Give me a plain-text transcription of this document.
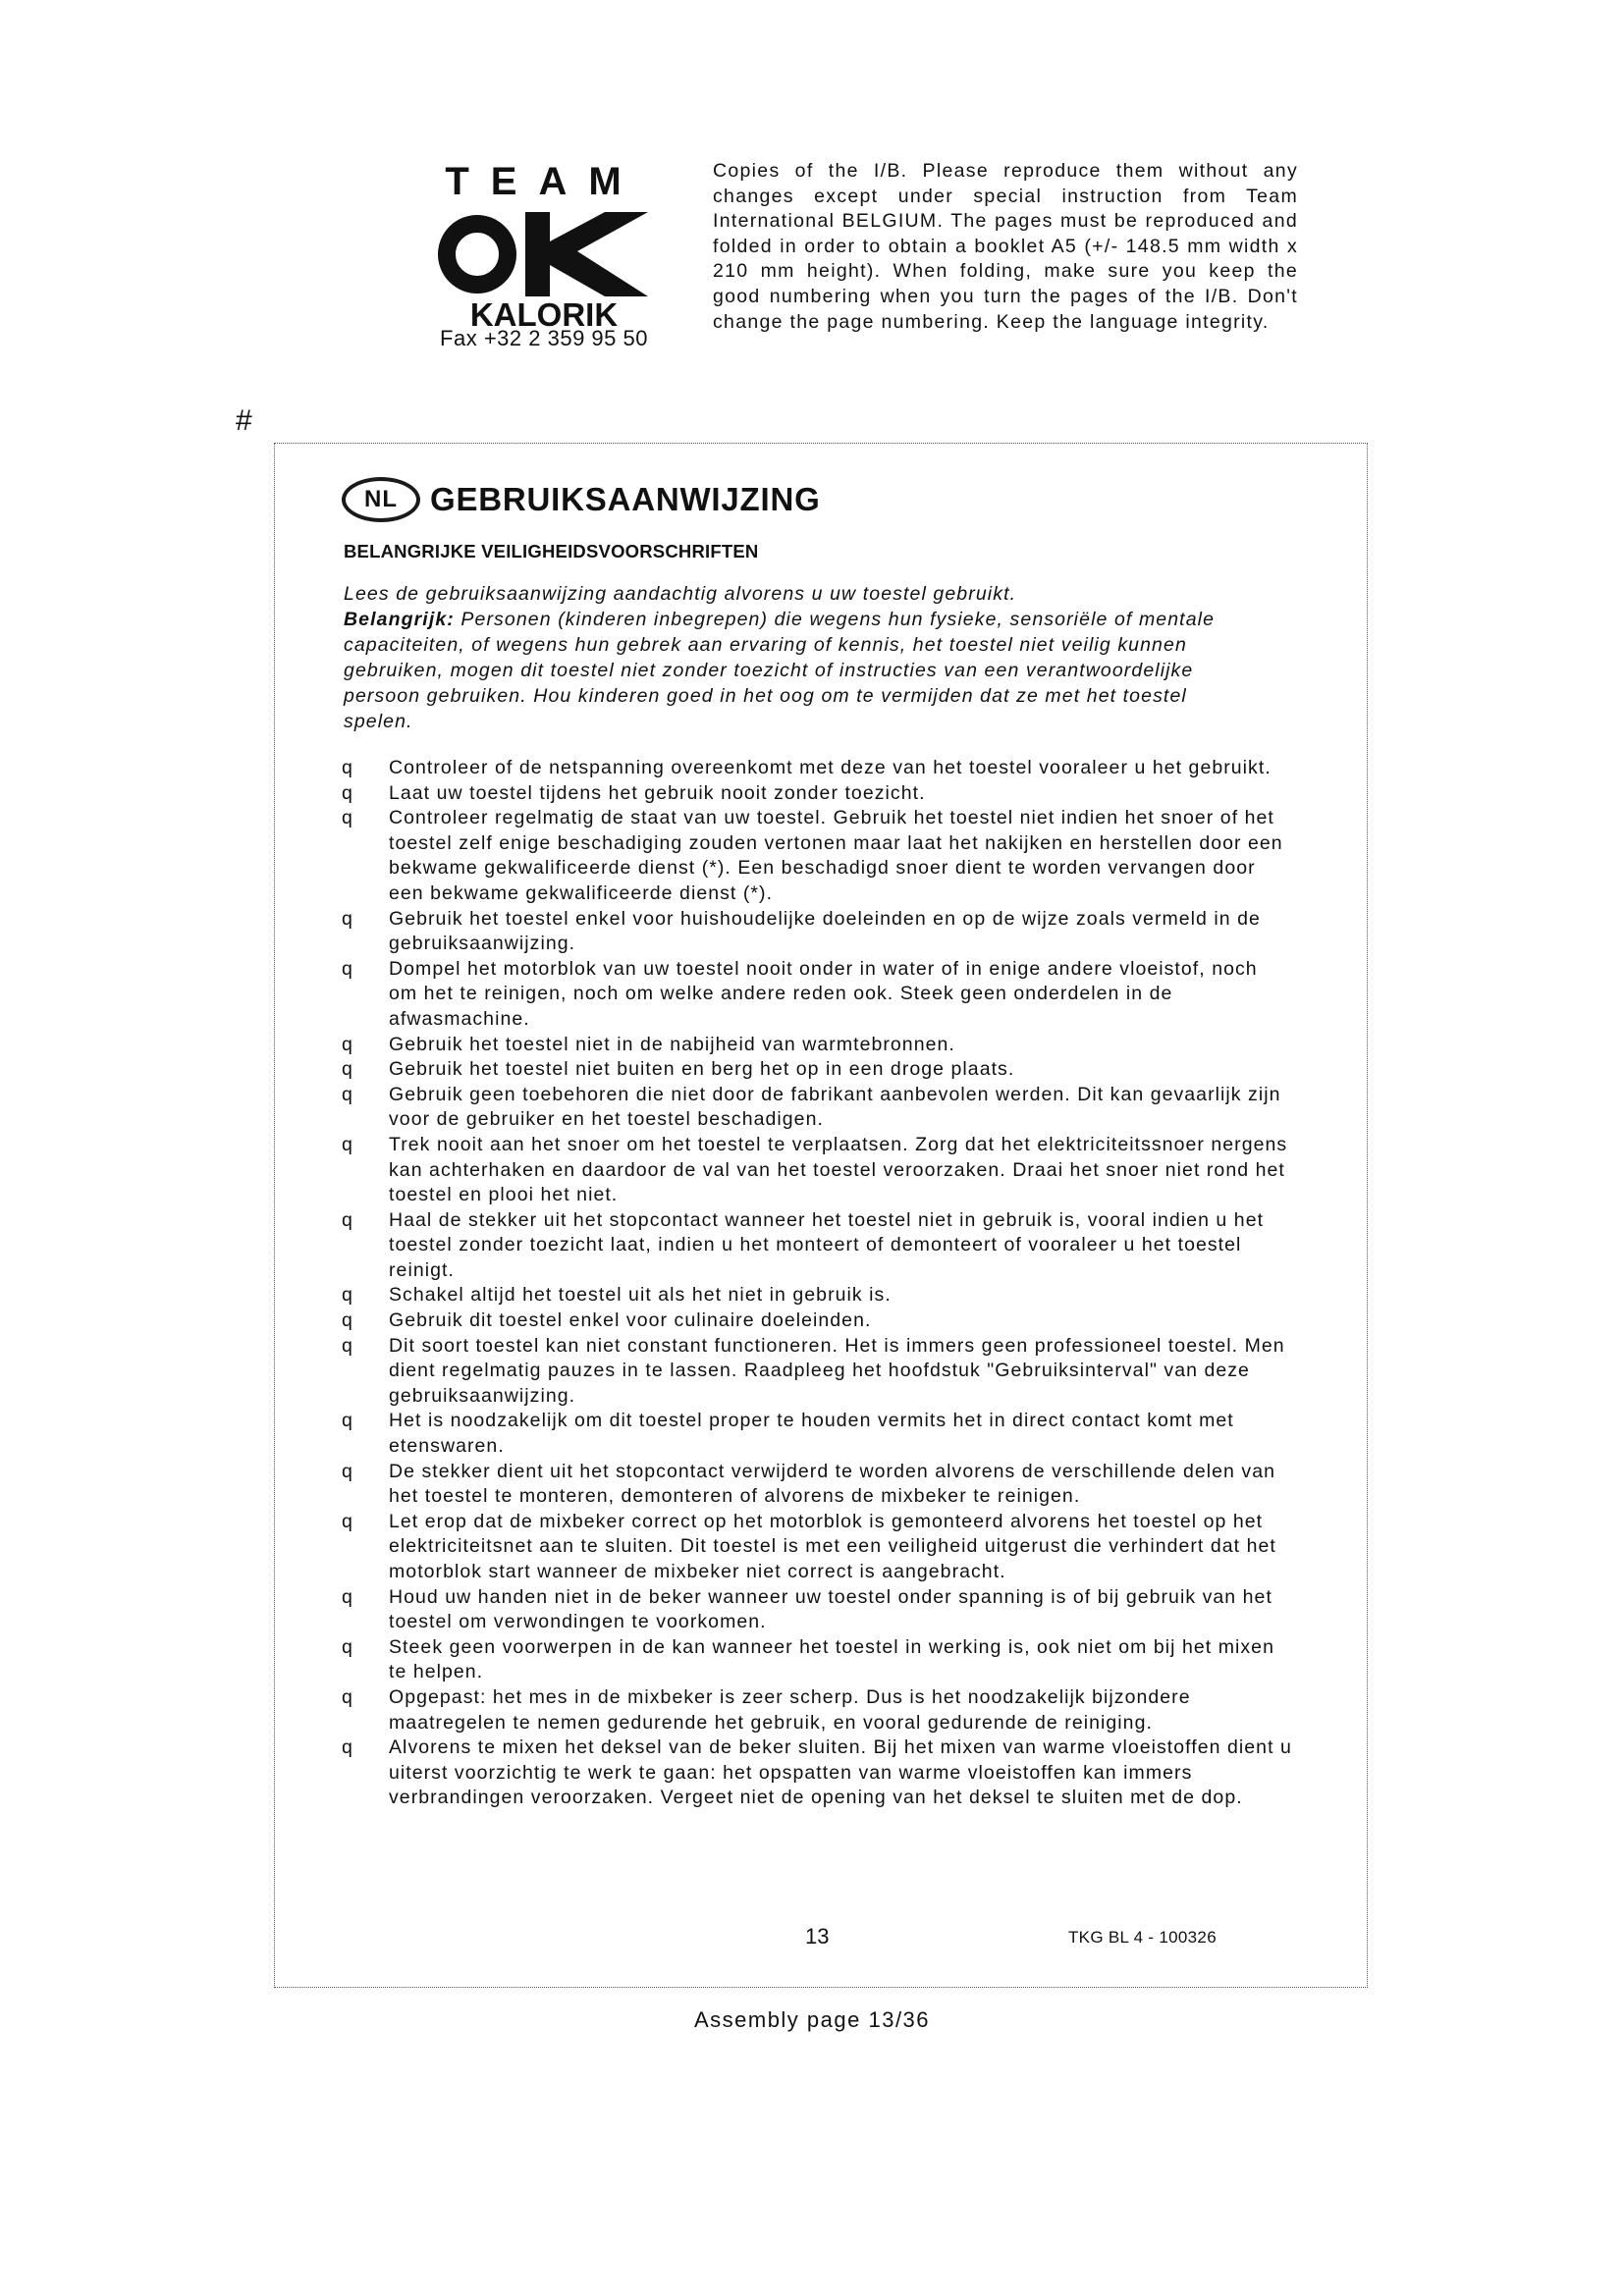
TEAM
KALORIK
Fax +32 2 359 95 50
Copies of the I/B. Please reproduce them without any changes except under special instruction from Team International BELGIUM. The pages must be reproduced and folded in order to obtain a booklet A5 (+/- 148.5 mm width x 210 mm height). When folding, make sure you keep the good numbering when you turn the pages of the I/B. Don't change the page numbering. Keep the language integrity.
#
NL	GEBRUIKSAANWIJZING
BELANGRIJKE VEILIGHEIDSVOORSCHRIFTEN

Lees de gebruiksaanwijzing aandachtig alvorens u uw toestel gebruikt.

Belangrijk: Personen (kinderen inbegrepen) die wegens hun fysieke, sensoriële of mentale capaciteiten, of wegens hun gebrek aan ervaring of kennis, het toestel niet veilig kunnen gebruiken, mogen dit toestel niet zonder toezicht of instructies van een verantwoordelijke persoon gebruiken. Hou kinderen goed in het oog om te vermijden dat ze met het toestel spelen.

q	Controleer of de netspanning overeenkomt met deze van het toestel vooraleer u het gebruikt.
q	Laat uw toestel tijdens het gebruik nooit zonder toezicht.
q	Controleer regelmatig de staat van uw toestel. Gebruik het toestel niet indien het snoer of het toestel zelf enige beschadiging zouden vertonen maar laat het nakijken en herstellen door een bekwame gekwalificeerde dienst (*). Een beschadigd snoer dient te worden vervangen door een bekwame gekwalificeerde dienst (*).
q	Gebruik het toestel enkel voor huishoudelijke doeleinden en op de wijze zoals vermeld in de gebruiksaanwijzing.
q	Dompel het motorblok van uw toestel nooit onder in water of in enige andere vloeistof, noch om het te reinigen, noch om welke andere reden ook. Steek geen onderdelen in de afwasmachine.
q	Gebruik het toestel niet in de nabijheid van warmtebronnen.
q	Gebruik het toestel niet buiten en berg het op in een droge plaats.
q	Gebruik geen toebehoren die niet door de fabrikant aanbevolen werden. Dit kan gevaarlijk zijn voor de gebruiker en het toestel beschadigen.
q	Trek nooit aan het snoer om het toestel te verplaatsen. Zorg dat het elektriciteitssnoer nergens kan achterhaken en daardoor de val van het toestel veroorzaken. Draai het snoer niet rond het toestel en plooi het niet.
q	Haal de stekker uit het stopcontact wanneer het toestel niet in gebruik is, vooral indien u het toestel zonder toezicht laat, indien u het monteert of demonteert of vooraleer u het toestel reinigt.
q	Schakel altijd het toestel uit als het niet in gebruik is.
q	Gebruik dit toestel enkel voor culinaire doeleinden.
q	Dit soort toestel kan niet constant functioneren. Het is immers geen professioneel toestel. Men dient regelmatig pauzes in te lassen. Raadpleeg het hoofdstuk "Gebruiksinterval" van deze gebruiksaanwijzing.
q	Het is noodzakelijk om dit toestel proper te houden vermits het in direct contact komt met etenswaren.
q	De stekker dient uit het stopcontact verwijderd te worden alvorens de verschillende delen van het toestel te monteren, demonteren of alvorens de mixbeker te reinigen.
q	Let erop dat de mixbeker correct op het motorblok is gemonteerd alvorens het toestel op het elektriciteitsnet aan te sluiten. Dit toestel is met een veiligheid uitgerust die verhindert dat het motorblok start wanneer de mixbeker niet correct is aangebracht.
q	Houd uw handen niet in de beker wanneer uw toestel onder spanning is of bij gebruik van het toestel om verwondingen te voorkomen.
q	Steek geen voorwerpen in de kan wanneer het toestel in werking is, ook niet om bij het mixen te helpen.
q	Opgepast: het mes in de mixbeker is zeer scherp. Dus is het noodzakelijk bijzondere maatregelen te nemen gedurende het gebruik, en vooral gedurende de reiniging.
q	Alvorens te mixen het deksel van de beker sluiten. Bij het mixen van warme vloeistoffen dient u uiterst voorzichtig te werk te gaan: het opspatten van warme vloeistoffen kan immers verbrandingen veroorzaken. Vergeet niet de opening van het deksel te sluiten met de dop.
13	TKG BL 4 - 100326
Assembly page 13/36
